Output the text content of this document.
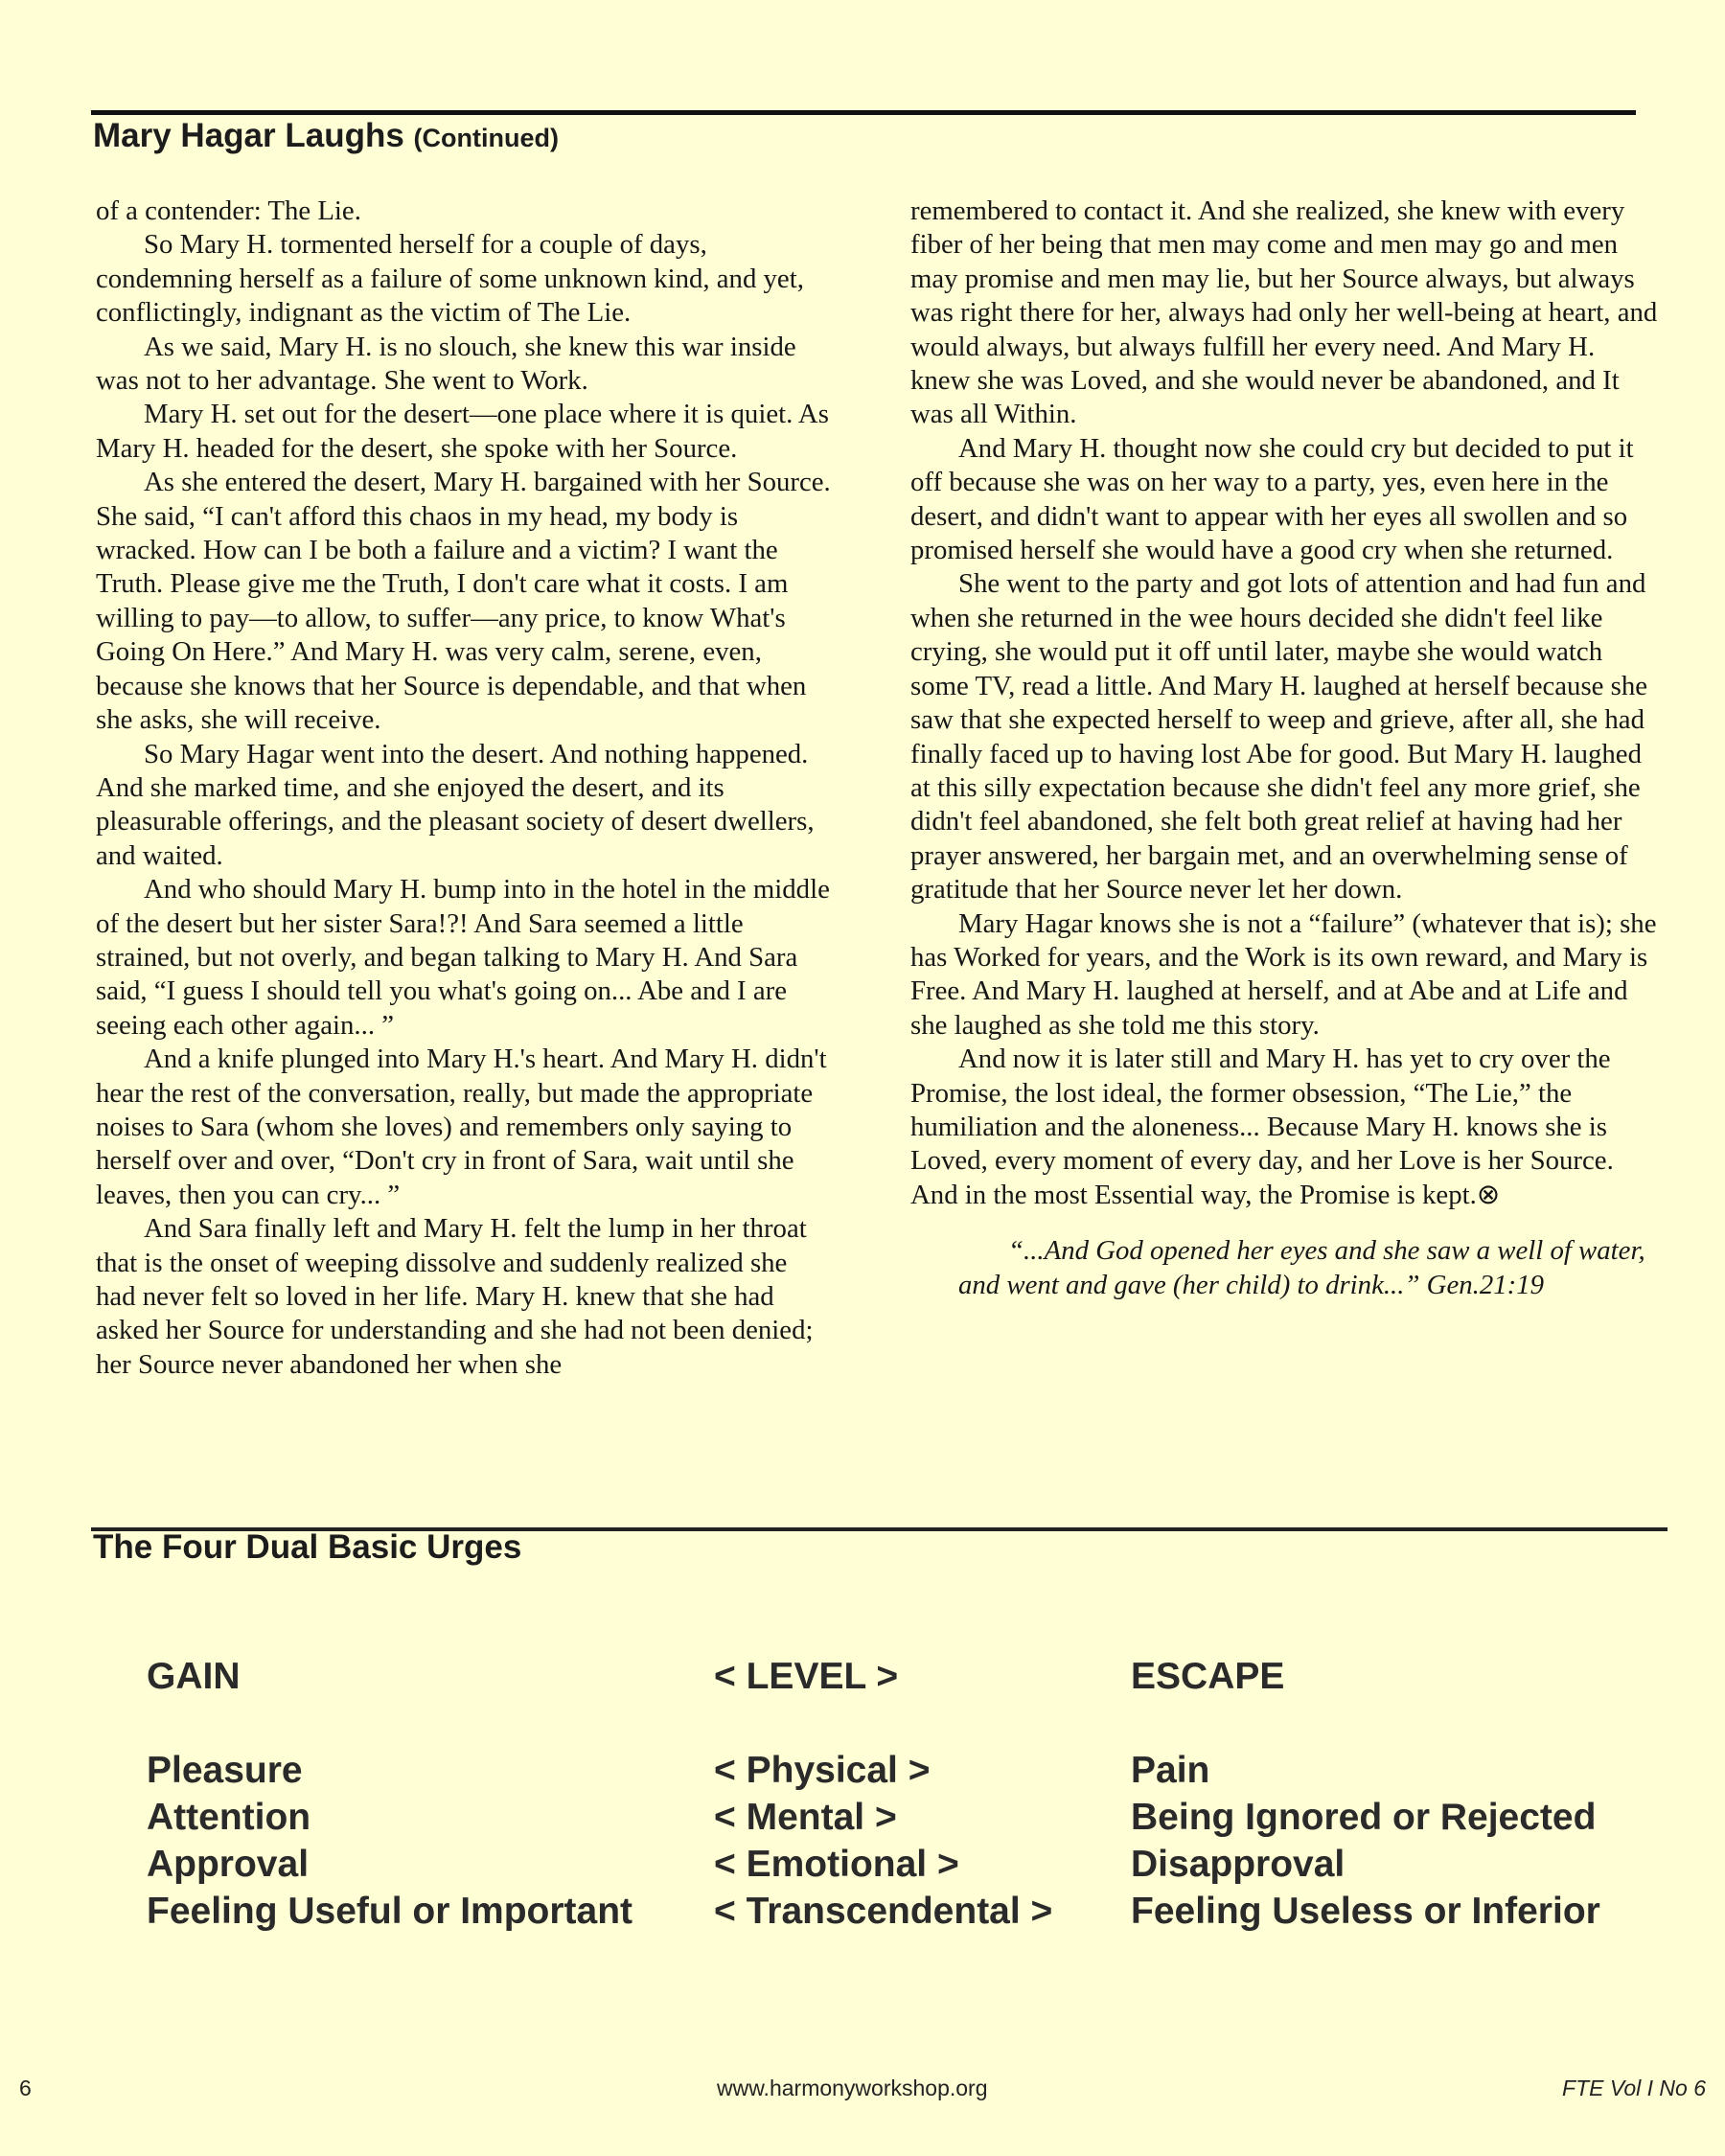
Mary Hagar Laughs (Continued)

of a contender: The Lie.

So Mary H. tormented herself for a couple of days, condemning herself as a failure of some unknown kind, and yet, conflictingly, indignant as the victim of The Lie.

As we said, Mary H. is no slouch, she knew this war inside was not to her advantage. She went to Work.

Mary H. set out for the desert—one place where it is quiet. As Mary H. headed for the desert, she spoke with her Source.

As she entered the desert, Mary H. bargained with her Source. She said, “I can't afford this chaos in my head, my body is wracked. How can I be both a failure and a victim? I want the Truth. Please give me the Truth, I don't care what it costs. I am willing to pay—to allow, to suffer—any price, to know What's Going On Here.” And Mary H. was very calm, serene, even, because she knows that her Source is dependable, and that when she asks, she will receive.

So Mary Hagar went into the desert. And nothing happened. And she marked time, and she enjoyed the desert, and its pleasurable offerings, and the pleasant society of desert dwellers, and waited.

And who should Mary H. bump into in the hotel in the middle of the desert but her sister Sara!?! And Sara seemed a little strained, but not overly, and began talking to Mary H. And Sara said, “I guess I should tell you what's going on... Abe and I are seeing each other again... ”

And a knife plunged into Mary H.'s heart. And Mary H. didn't hear the rest of the conversation, really, but made the appropriate noises to Sara (whom she loves) and remembers only saying to herself over and over, “Don't cry in front of Sara, wait until she leaves, then you can cry... ”

And Sara finally left and Mary H. felt the lump in her throat that is the onset of weeping dissolve and suddenly realized she had never felt so loved in her life. Mary H. knew that she had asked her Source for understanding and she had not been denied; her Source never abandoned her when she

remembered to contact it. And she realized, she knew with every fiber of her being that men may come and men may go and men may promise and men may lie, but her Source always, but always was right there for her, always had only her well-being at heart, and would always, but always fulfill her every need. And Mary H. knew she was Loved, and she would never be abandoned, and It was all Within.

And Mary H. thought now she could cry but decided to put it off because she was on her way to a party, yes, even here in the desert, and didn't want to appear with her eyes all swollen and so promised herself she would have a good cry when she returned.

She went to the party and got lots of attention and had fun and when she returned in the wee hours decided she didn't feel like crying, she would put it off until later, maybe she would watch some TV, read a little. And Mary H. laughed at herself because she saw that she expected herself to weep and grieve, after all, she had finally faced up to having lost Abe for good. But Mary H. laughed at this silly expectation because she didn't feel any more grief, she didn't feel abandoned, she felt both great relief at having had her prayer answered, her bargain met, and an overwhelming sense of gratitude that her Source never let her down.

Mary Hagar knows she is not a “failure” (whatever that is); she has Worked for years, and the Work is its own reward, and Mary is Free. And Mary H. laughed at herself, and at Abe and at Life and she laughed as she told me this story.

And now it is later still and Mary H. has yet to cry over the Promise, the lost ideal, the former obsession, “The Lie,” the humiliation and the aloneness... Because Mary H. knows she is Loved, every moment of every day, and her Love is her Source. And in the most Essential way, the Promise is kept.⊗

“...And God opened her eyes and she saw a well of water,

and went and gave (her child) to drink...” Gen.21:19

The Four Dual Basic Urges
GAIN	< LEVEL >	ESCAPE
Pleasure	< Physical >	Pain
Attention	< Mental >	Being Ignored or Rejected
Approval	< Emotional >	Disapproval
Feeling Useful or Important < Transcendental > Feeling Useless or Inferior
6	www.harmonyworkshop.org	FTE Vol I No 6
